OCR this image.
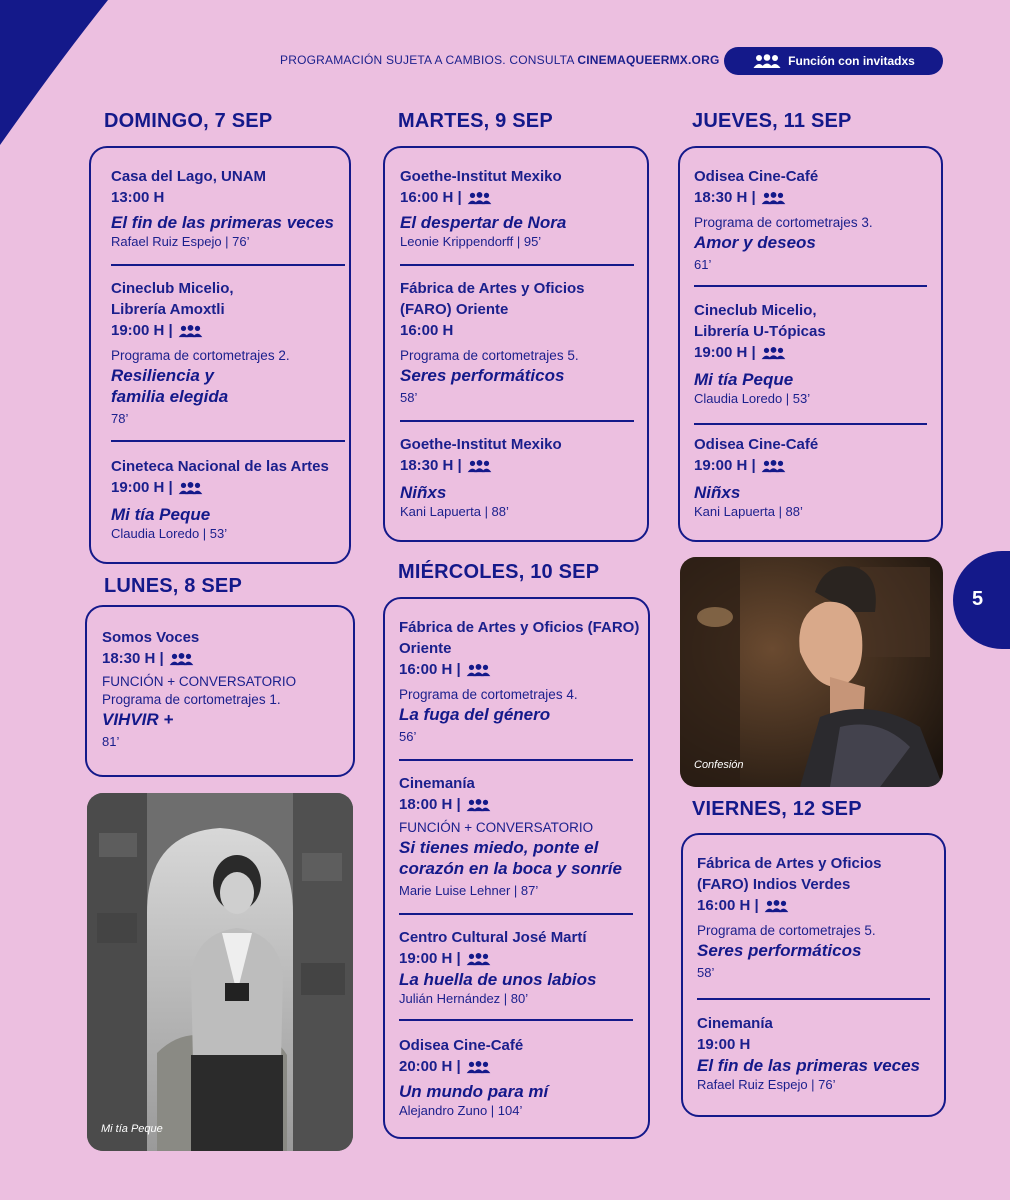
PROGRAMACIÓN SUJETA A CAMBIOS. CONSULTA CINEMAQUEERMX.ORG	Función con invitadxs
5
DOMINGO, 7 SEP
Casa del Lago, UNAM
13:00 H
El fin de las primeras veces
Rafael Ruiz Espejo | 76’
Cineclub Micelio,
Librería Amoxtli
19:00 H |
Programa de cortometrajes 2.
Resiliencia y
familia elegida
78’
Cineteca Nacional de las Artes
19:00 H |
Mi tía Peque
Claudia Loredo | 53’
LUNES, 8 SEP
Somos Voces
18:30 H |
FUNCIÓN + CONVERSATORIO
Programa de cortometrajes 1.
VIHVIR +
81’
Mi tía Peque
MARTES, 9 SEP
Goethe-Institut Mexiko
16:00 H |
El despertar de Nora
Leonie Krippendorff | 95’
Fábrica de Artes y Oficios
(FARO) Oriente
16:00 H
Programa de cortometrajes 5.
Seres performáticos
58’
Goethe-Institut Mexiko
18:30 H |
Niñxs
Kani Lapuerta | 88’
MIÉRCOLES, 10 SEP
Fábrica de Artes y Oficios (FARO)
Oriente
16:00 H |
Programa de cortometrajes 4.
La fuga del género
56’
Cinemanía
18:00 H |
FUNCIÓN + CONVERSATORIO
Si tienes miedo, ponte el
corazón en la boca y sonríe
Marie Luise Lehner | 87’
Centro Cultural José Martí
19:00 H |
La huella de unos labios
Julián Hernández | 80’
Odisea Cine-Café
20:00 H |
Un mundo para mí
Alejandro Zuno | 104’
JUEVES, 11 SEP
Odisea Cine-Café
18:30 H |
Programa de cortometrajes 3.
Amor y deseos
61’
Cineclub Micelio,
Librería U-Tópicas
19:00 H |
Mi tía Peque
Claudia Loredo | 53’
Odisea Cine-Café
19:00 H |
Niñxs
Kani Lapuerta | 88’
Confesión
VIERNES, 12 SEP
Fábrica de Artes y Oficios
(FARO) Indios Verdes
16:00 H |
Programa de cortometrajes 5.
Seres performáticos
58’
Cinemanía
19:00 H
El fin de las primeras veces
Rafael Ruiz Espejo | 76’
